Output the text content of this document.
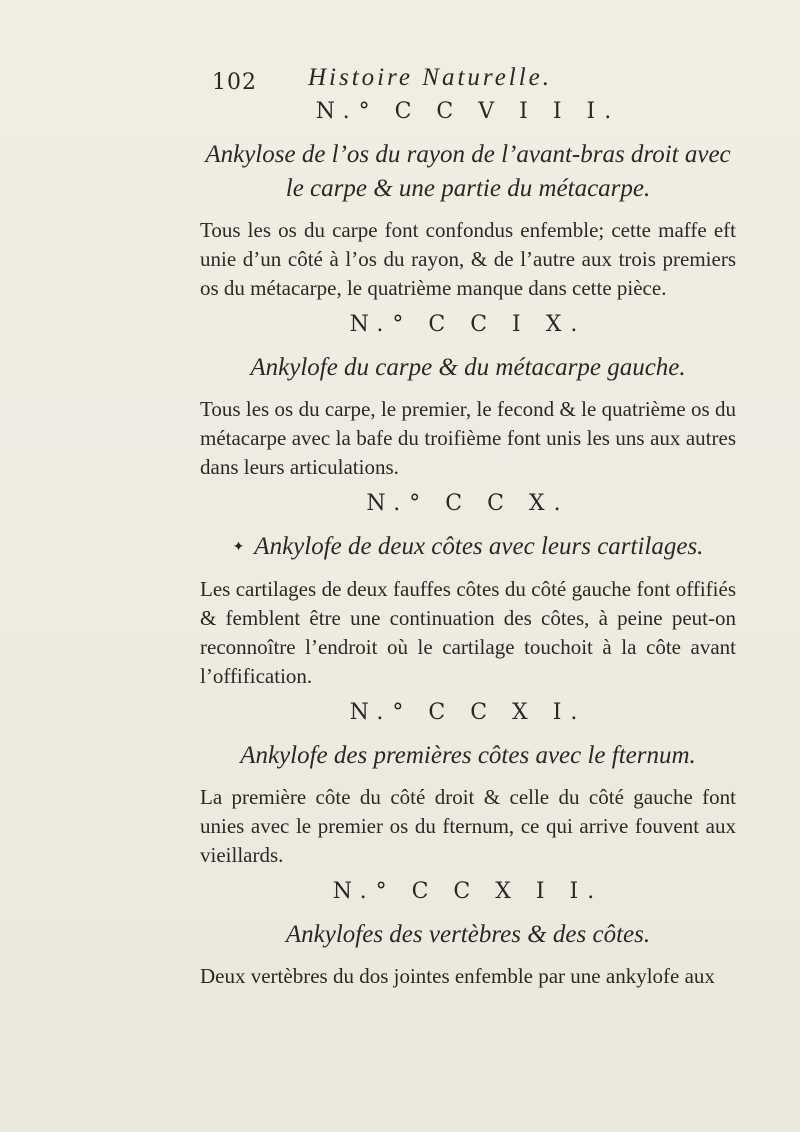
102 Histoire Naturelle.

N.° C C V I I I.

Ankylose de l’os du rayon de l’avant-bras droit avec le carpe & une partie du métacarpe.

Tous les os du carpe font confondus enfemble; cette maffe eft unie d’un côté à l’os du rayon, & de l’autre aux trois premiers os du métacarpe, le quatrième manque dans cette pièce.

N.° C C I X.

Ankylofe du carpe & du métacarpe gauche.

Tous les os du carpe, le premier, le fecond & le quatrième os du métacarpe avec la bafe du troifième font unis les uns aux autres dans leurs articulations.

N.° C C X.

✦ Ankylofe de deux côtes avec leurs cartilages.

Les cartilages de deux fauffes côtes du côté gauche font offifiés & femblent être une continuation des côtes, à peine peut-on reconnoître l’endroit où le cartilage touchoit à la côte avant l’offification.

N.° C C X I.

Ankylofe des premières côtes avec le fternum.

La première côte du côté droit & celle du côté gauche font unies avec le premier os du fternum, ce qui arrive fouvent aux vieillards.

N.° C C X I I.

Ankylofes des vertèbres & des côtes.

Deux vertèbres du dos jointes enfemble par une ankylofe aux
